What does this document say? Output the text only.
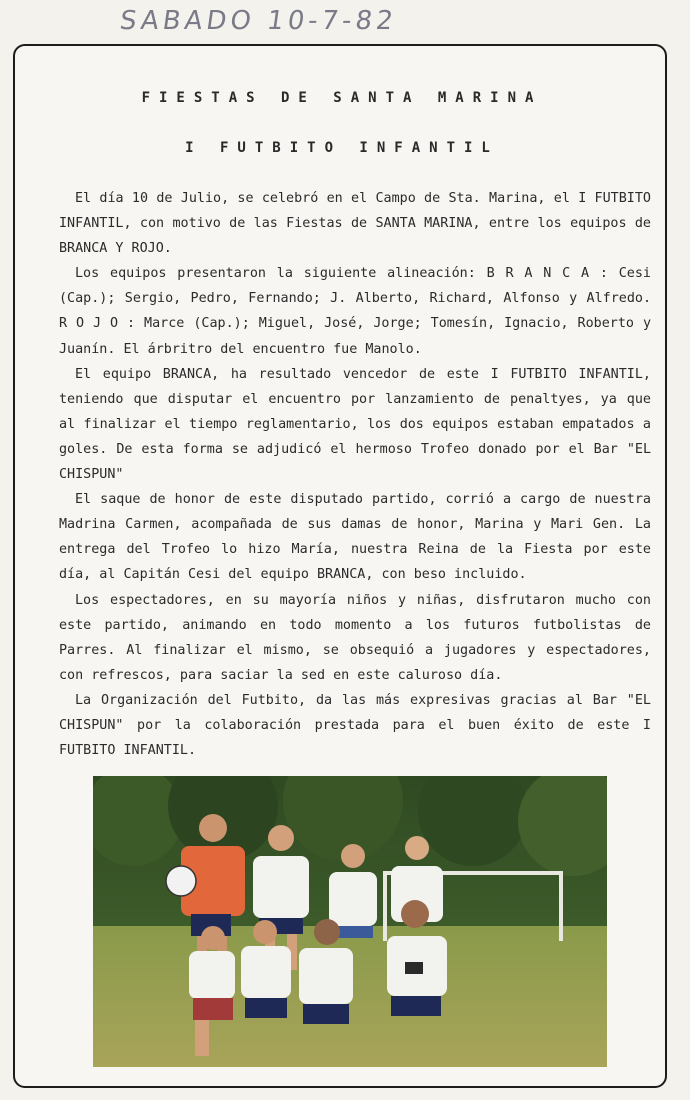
SABADO 10-7-82
FIESTAS DE SANTA MARINA
I FUTBITO INFANTIL

El día 10 de Julio, se celebró en el Campo de Sta. Marina, el I FUTBITO INFANTIL, con motivo de las Fiestas de SANTA MARINA, entre los equipos de BRANCA Y ROJO.

Los equipos presentaron la siguiente alineación: B R A N C A : Cesi (Cap.); Sergio, Pedro, Fernando; J. Alberto, Richard, Alfonso y Alfredo. R O J O : Marce (Cap.); Miguel, José, Jorge; Tomesín, Ignacio, Roberto y Juanín. El árbritro del encuentro fue Manolo.

El equipo BRANCA, ha resultado vencedor de este I FUTBITO INFANTIL, teniendo que disputar el encuentro por lanzamiento de penaltyes, ya que al finalizar el tiempo reglamentario, los dos equipos estaban empatados a goles. De esta forma se adjudicó el hermoso Trofeo donado por el Bar "EL CHISPUN"

El saque de honor de este disputado partido, corrió a cargo de nuestra Madrina Carmen, acompañada de sus damas de honor, Marina y Mari Gen. La entrega del Trofeo lo hizo María, nuestra Reina de la Fiesta por este día, al Capitán Cesi del equipo BRANCA, con beso incluido.

Los espectadores, en su mayoría niños y niñas, disfrutaron mucho con este partido, animando en todo momento a los futuros futbolistas de Parres. Al finalizar el mismo, se obsequió a jugadores y espectadores, con refrescos, para saciar la sed en este caluroso día.

La Organización del Futbito, da las más expresivas gracias al Bar "EL CHISPUN" por la colaboración prestada para el buen éxito de este I FUTBITO INFANTIL.
